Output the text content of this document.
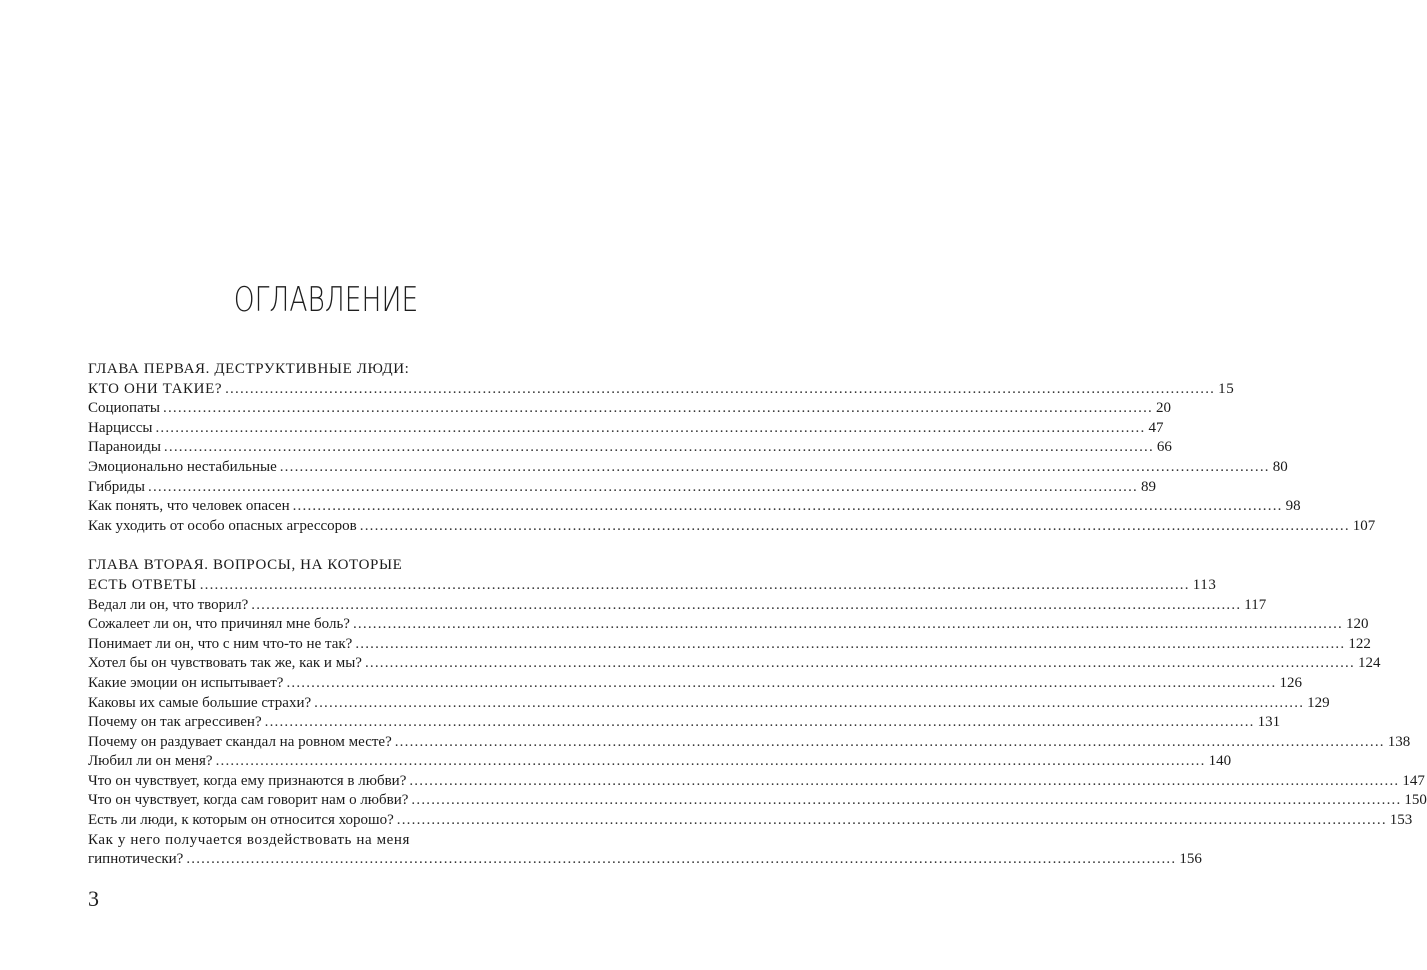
ОГЛАВЛЕНИЕ
ГЛАВА ПЕРВАЯ. ДЕСТРУКТИВНЫЕ ЛЮДИ:
КТО ОНИ ТАКИЕ? ........................................................................................................................................................................................................ 15
Социопаты ........................................................................................................................................................................................................ 20
Нарциссы ........................................................................................................................................................................................................ 47
Параноиды ........................................................................................................................................................................................................ 66
Эмоционально нестабильные ........................................................................................................................................................................................................ 80
Гибриды ........................................................................................................................................................................................................ 89
Как понять, что человек опасен ........................................................................................................................................................................................................ 98
Как уходить от особо опасных агрессоров ........................................................................................................................................................................................................ 107
ГЛАВА ВТОРАЯ. ВОПРОСЫ, НА КОТОРЫЕ
ЕСТЬ ОТВЕТЫ ........................................................................................................................................................................................................ 113
Ведал ли он, что творил? ........................................................................................................................................................................................................ 117
Сожалеет ли он, что причинял мне боль? ........................................................................................................................................................................................................ 120
Понимает ли он, что с ним что-то не так? ........................................................................................................................................................................................................ 122
Хотел бы он чувствовать так же, как и мы? ........................................................................................................................................................................................................ 124
Какие эмоции он испытывает? ........................................................................................................................................................................................................ 126
Каковы их самые большие страхи? ........................................................................................................................................................................................................ 129
Почему он так агрессивен? ........................................................................................................................................................................................................ 131
Почему он раздувает скандал на ровном месте? ........................................................................................................................................................................................................ 138
Любил ли он меня? ........................................................................................................................................................................................................ 140
Что он чувствует, когда ему признаются в любви? ........................................................................................................................................................................................................ 147
Что он чувствует, когда сам говорит нам о любви? ........................................................................................................................................................................................................ 150
Есть ли люди, к которым он относится хорошо? ........................................................................................................................................................................................................ 153
Как у него получается воздействовать на меня
гипнотически? ........................................................................................................................................................................................................ 156
3
